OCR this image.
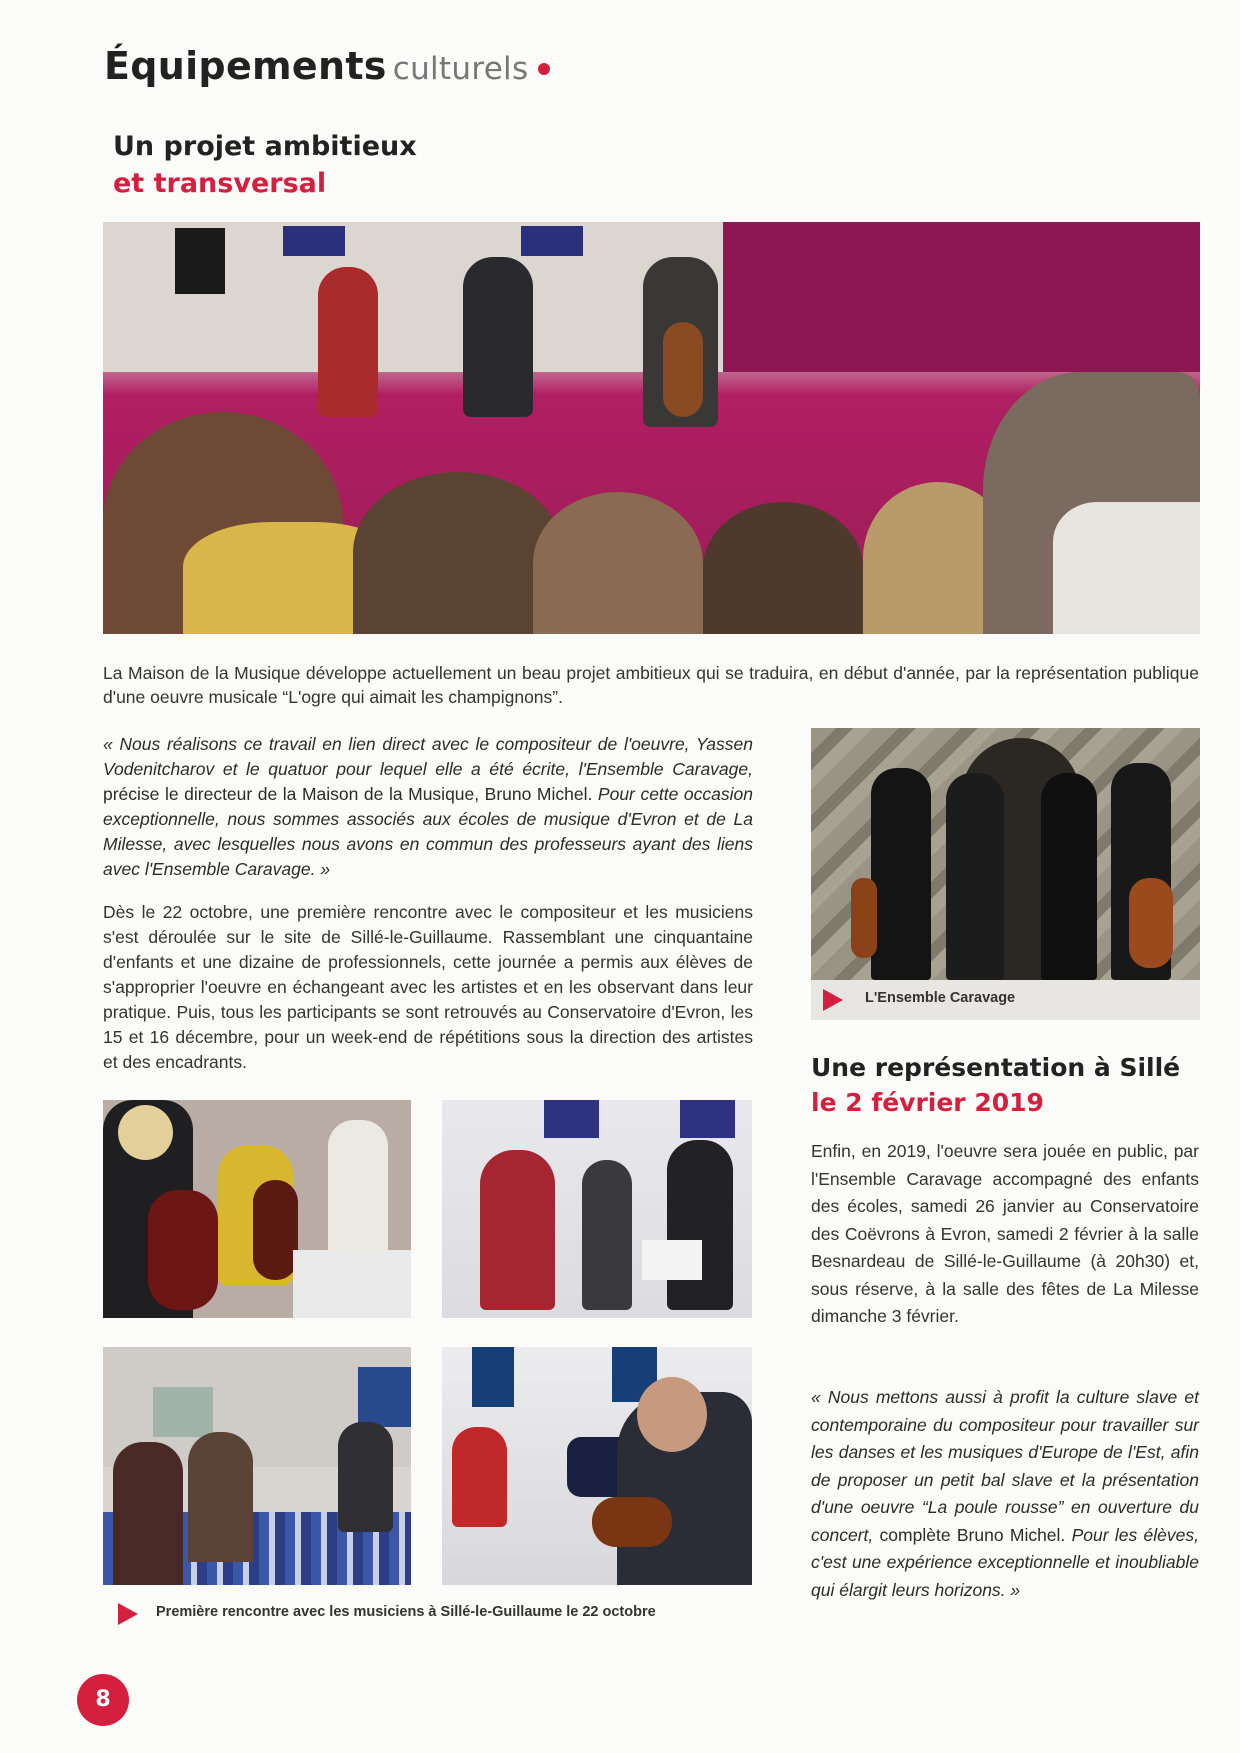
Équipements culturels
Un projet ambitieux
et transversal

La Maison de la Musique développe actuellement un beau projet ambitieux qui se traduira, en début d'année, par la représentation publique d'une oeuvre musicale “L'ogre qui aimait les champignons”.

« Nous réalisons ce travail en lien direct avec le compositeur de l'oeuvre, Yassen Vodenitcharov et le quatuor pour lequel elle a été écrite, l'Ensemble Caravage, précise le directeur de la Maison de la Musique, Bruno Michel. Pour cette occasion exceptionnelle, nous sommes associés aux écoles de musique d'Evron et de La Milesse, avec lesquelles nous avons en commun des professeurs ayant des liens avec l'Ensemble Caravage. »

Dès le 22 octobre, une première rencontre avec le compositeur et les musiciens s'est déroulée sur le site de Sillé-le-Guillaume. Rassemblant une cinquantaine d'enfants et une dizaine de professionnels, cette journée a permis aux élèves de s'approprier l'oeuvre en échangeant avec les artistes et en les observant dans leur pratique. Puis, tous les participants se sont retrouvés au Conservatoire d'Evron, les 15 et 16 décembre, pour un week-end de répétitions sous la direction des artistes et des encadrants.

L'Ensemble Caravage
Une représentation à Sillé
le 2 février 2019

Enfin, en 2019, l'oeuvre sera jouée en public, par l'Ensemble Caravage accompagné des enfants des écoles, samedi 26 janvier au Conservatoire des Coëvrons à Evron, samedi 2 février à la salle Besnardeau de Sillé-le-Guillaume (à 20h30) et, sous réserve, à la salle des fêtes de La Milesse dimanche 3 février.

« Nous mettons aussi à profit la culture slave et contemporaine du compositeur pour travailler sur les danses et les musiques d'Europe de l'Est, afin de proposer un petit bal slave et la présentation d'une oeuvre “La poule rousse” en ouverture du concert, complète Bruno Michel. Pour les élèves, c'est une expérience exceptionnelle et inoubliable qui élargit leurs horizons. »

Première rencontre avec les musiciens à Sillé-le-Guillaume le 22 octobre
8
